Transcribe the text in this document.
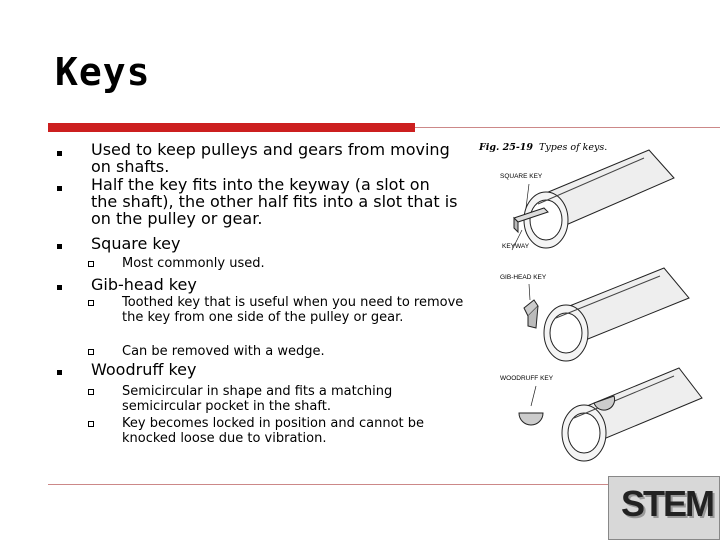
Keys
Used to keep pulleys and gears from moving on shafts.
Half the key fits into the keyway (a slot on the shaft), the other half fits into a slot that is on the pulley or gear.
Square key
Most commonly used.
Gib-head key
Toothed key that is useful when you need to remove the key from one side of the pulley or gear.
Can be removed with a wedge.
Woodruff key
Semicircular in shape and fits a matching semicircular pocket in the shaft.
Key becomes locked in position and cannot be knocked loose due to vibration.
Fig. 25-19 Types of keys.
SQUARE KEY
KEYWAY
GIB-HEAD KEY
WOODRUFF KEY
STEM
